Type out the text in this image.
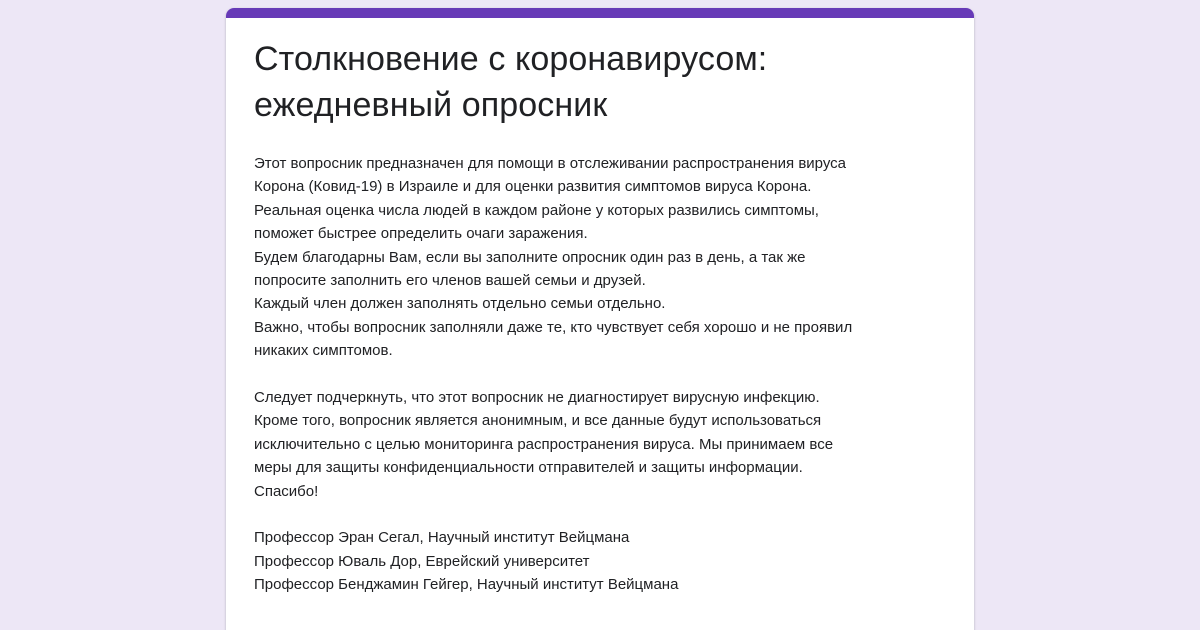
Столкновение с коронавирусом:
ежедневный опросник
Этот вопросник предназначен для помощи в отслеживании распространения вируса
Корона (Ковид-19) в Израиле и для оценки развития симптомов вируса Корона.
Реальная оценка числа людей в каждом районе у которых развились симптомы,
поможет быстрее определить очаги заражения.
Будем благодарны Вам, если вы заполните опросник один раз в день, а так же
попросите заполнить его членов вашей семьи и друзей.
Каждый член должен заполнять отдельно семьи отдельно.
Важно, чтобы вопросник заполняли даже те, кто чувствует себя хорошо и не проявил
никаких симптомов.
Следует подчеркнуть, что этот вопросник не диагностирует вирусную инфекцию.
Кроме того, вопросник является анонимным, и все данные будут использоваться
исключительно с целью мониторинга распространения вируса. Мы принимаем все
меры для защиты конфиденциальности отправителей и защиты информации.
Спасибо!
Профессор Эран Сегал, Научный институт Вейцмана
Профессор Юваль Дор, Еврейский университет
Профессор Бенджамин Гейгер, Научный институт Вейцмана
